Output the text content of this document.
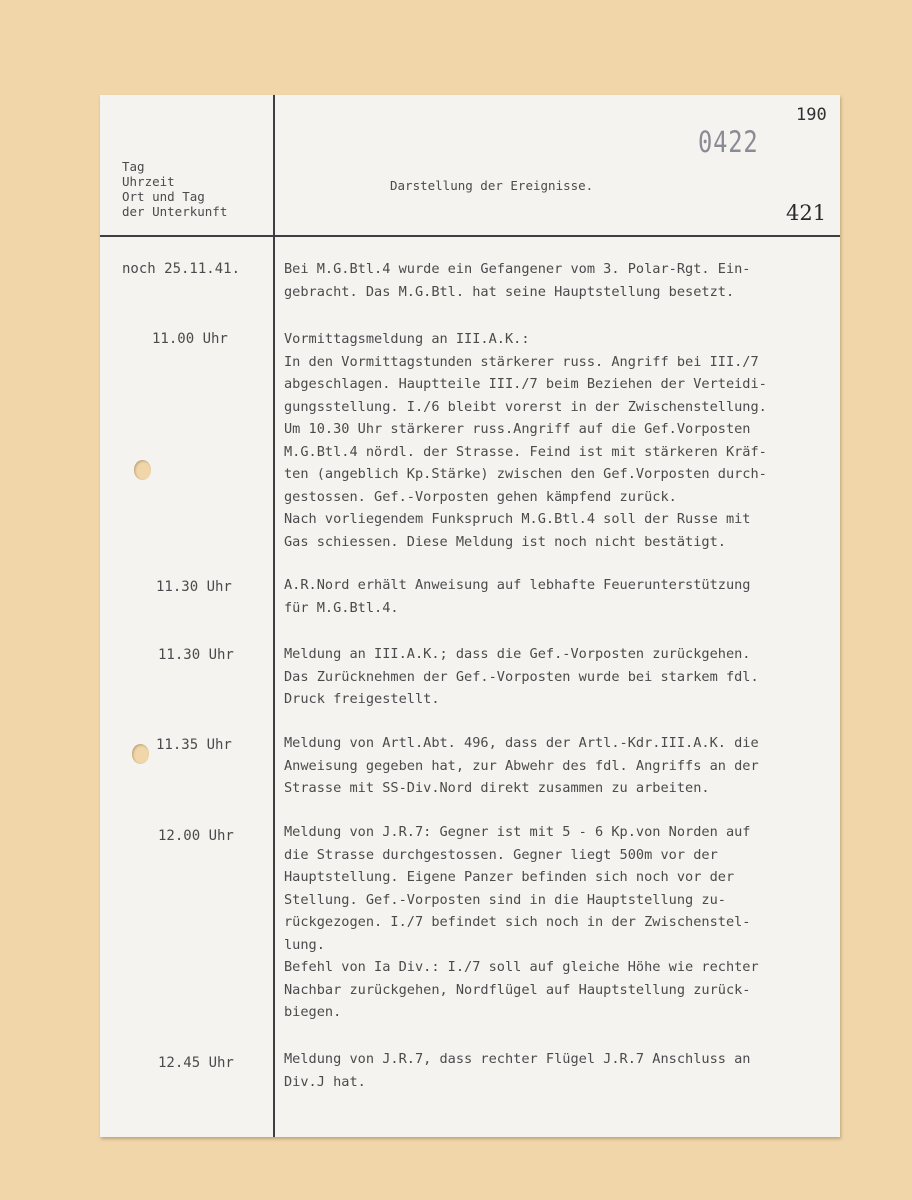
Tag
Uhrzeit
Ort und Tag
der Unterkunft
Darstellung der Ereignisse.
0422
190
421
noch 25.11.41.	Bei M.G.Btl.4 wurde ein Gefangener vom 3. Polar-Rgt. Ein-
gebracht. Das M.G.Btl. hat seine Hauptstellung besetzt.
11.00 Uhr	Vormittagsmeldung an III.A.K.:
In den Vormittagstunden stärkerer russ. Angriff bei III./7
abgeschlagen. Hauptteile III./7 beim Beziehen der Verteidi-
gungsstellung. I./6 bleibt vorerst in der Zwischenstellung.
Um 10.30 Uhr stärkerer russ.Angriff auf die Gef.Vorposten
M.G.Btl.4 nördl. der Strasse. Feind ist mit stärkeren Kräf-
ten (angeblich Kp.Stärke) zwischen den Gef.Vorposten durch-
gestossen. Gef.-Vorposten gehen kämpfend zurück.
Nach vorliegendem Funkspruch M.G.Btl.4 soll der Russe mit
Gas schiessen. Diese Meldung ist noch nicht bestätigt.
11.30 Uhr	A.R.Nord erhält Anweisung auf lebhafte Feuerunterstützung
für M.G.Btl.4.
11.30 Uhr	Meldung an III.A.K.; dass die Gef.-Vorposten zurückgehen.
Das Zurücknehmen der Gef.-Vorposten wurde bei starkem fdl.
Druck freigestellt.
11.35 Uhr	Meldung von Artl.Abt. 496, dass der Artl.-Kdr.III.A.K. die
Anweisung gegeben hat, zur Abwehr des fdl. Angriffs an der
Strasse mit SS-Div.Nord direkt zusammen zu arbeiten.
12.00 Uhr	Meldung von J.R.7: Gegner ist mit 5 - 6 Kp.von Norden auf
die Strasse durchgestossen. Gegner liegt 500m vor der
Hauptstellung. Eigene Panzer befinden sich noch vor der
Stellung. Gef.-Vorposten sind in die Hauptstellung zu-
rückgezogen. I./7 befindet sich noch in der Zwischenstel-
lung.
Befehl von Ia Div.: I./7 soll auf gleiche Höhe wie rechter
Nachbar zurückgehen, Nordflügel auf Hauptstellung zurück-
biegen.
12.45 Uhr	Meldung von J.R.7, dass rechter Flügel J.R.7 Anschluss an
Div.J hat.
